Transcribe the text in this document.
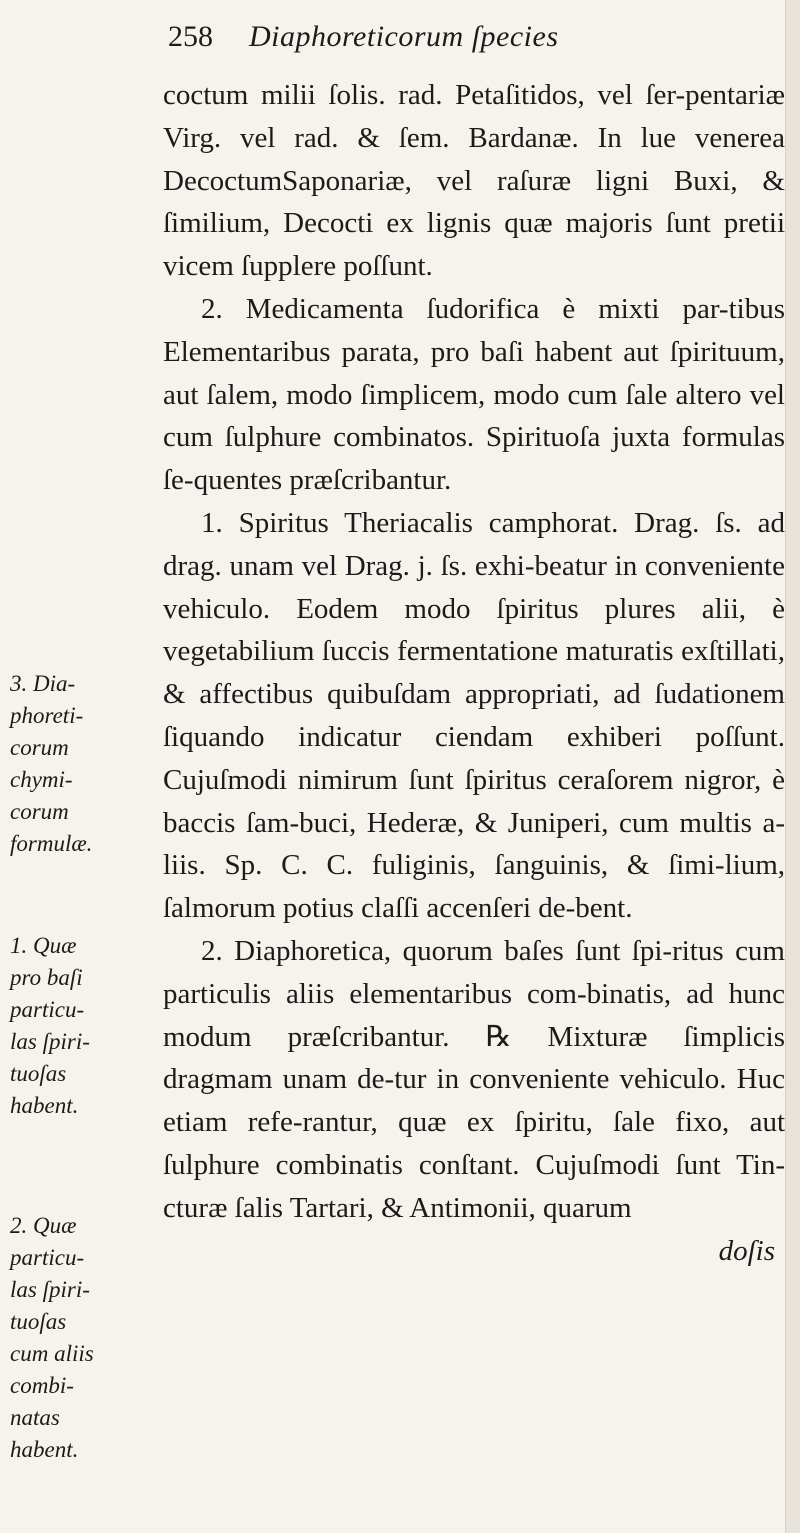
258 Diaphoreticorum ſpecies
3. Dia-
phoreti-
corum
chymi-
corum
formulæ.
1. Quæ
pro baſi
particu-
las ſpiri-
tuoſas
habent.
2. Quæ
particu-
las ſpiri-
tuoſas
cum aliis
combi-
natas
habent.

coctum milii ſolis. rad. Petaſitidos, vel ſer-pentariæ Virg. vel rad. & ſem. Bardanæ. In lue venerea DecoctumSaponariæ, vel raſuræ ligni Buxi, & ſimilium, Decocti ex lignis quæ majoris ſunt pretii vicem ſupplere poſſunt.

2. Medicamenta ſudorifica è mixti par-tibus Elementaribus parata, pro baſi habent aut ſpirituum, aut ſalem, modo ſimplicem, modo cum ſale altero vel cum ſulphure combinatos. Spirituoſa juxta formulas ſe-quentes præſcribantur.

1. Spiritus Theriacalis camphorat. Drag. ſs. ad drag. unam vel Drag. j. ſs. exhi-beatur in conveniente vehiculo. Eodem modo ſpiritus plures alii, è vegetabilium ſuccis fermentatione maturatis exſtillati, & affectibus quibuſdam appropriati, ad ſudationem ſiquando indicatur ciendam exhiberi poſſunt. Cujuſmodi nimirum ſunt ſpiritus ceraſorem nigror, è baccis ſam-buci, Hederæ, & Juniperi, cum multis a-liis. Sp. C. C. fuliginis, ſanguinis, & ſimi-lium, ſalmorum potius claſſi accenſeri de-bent.

2. Diaphoretica, quorum baſes ſunt ſpi-ritus cum particulis aliis elementaribus com-binatis, ad hunc modum præſcribantur. ℞ Mixturæ ſimplicis dragmam unam de-tur in conveniente vehiculo. Huc etiam refe-rantur, quæ ex ſpiritu, ſale fixo, aut ſulphure combinatis conſtant. Cujuſmodi ſunt Tin-cturæ ſalis Tartari, & Antimonii, quarum

doſis
